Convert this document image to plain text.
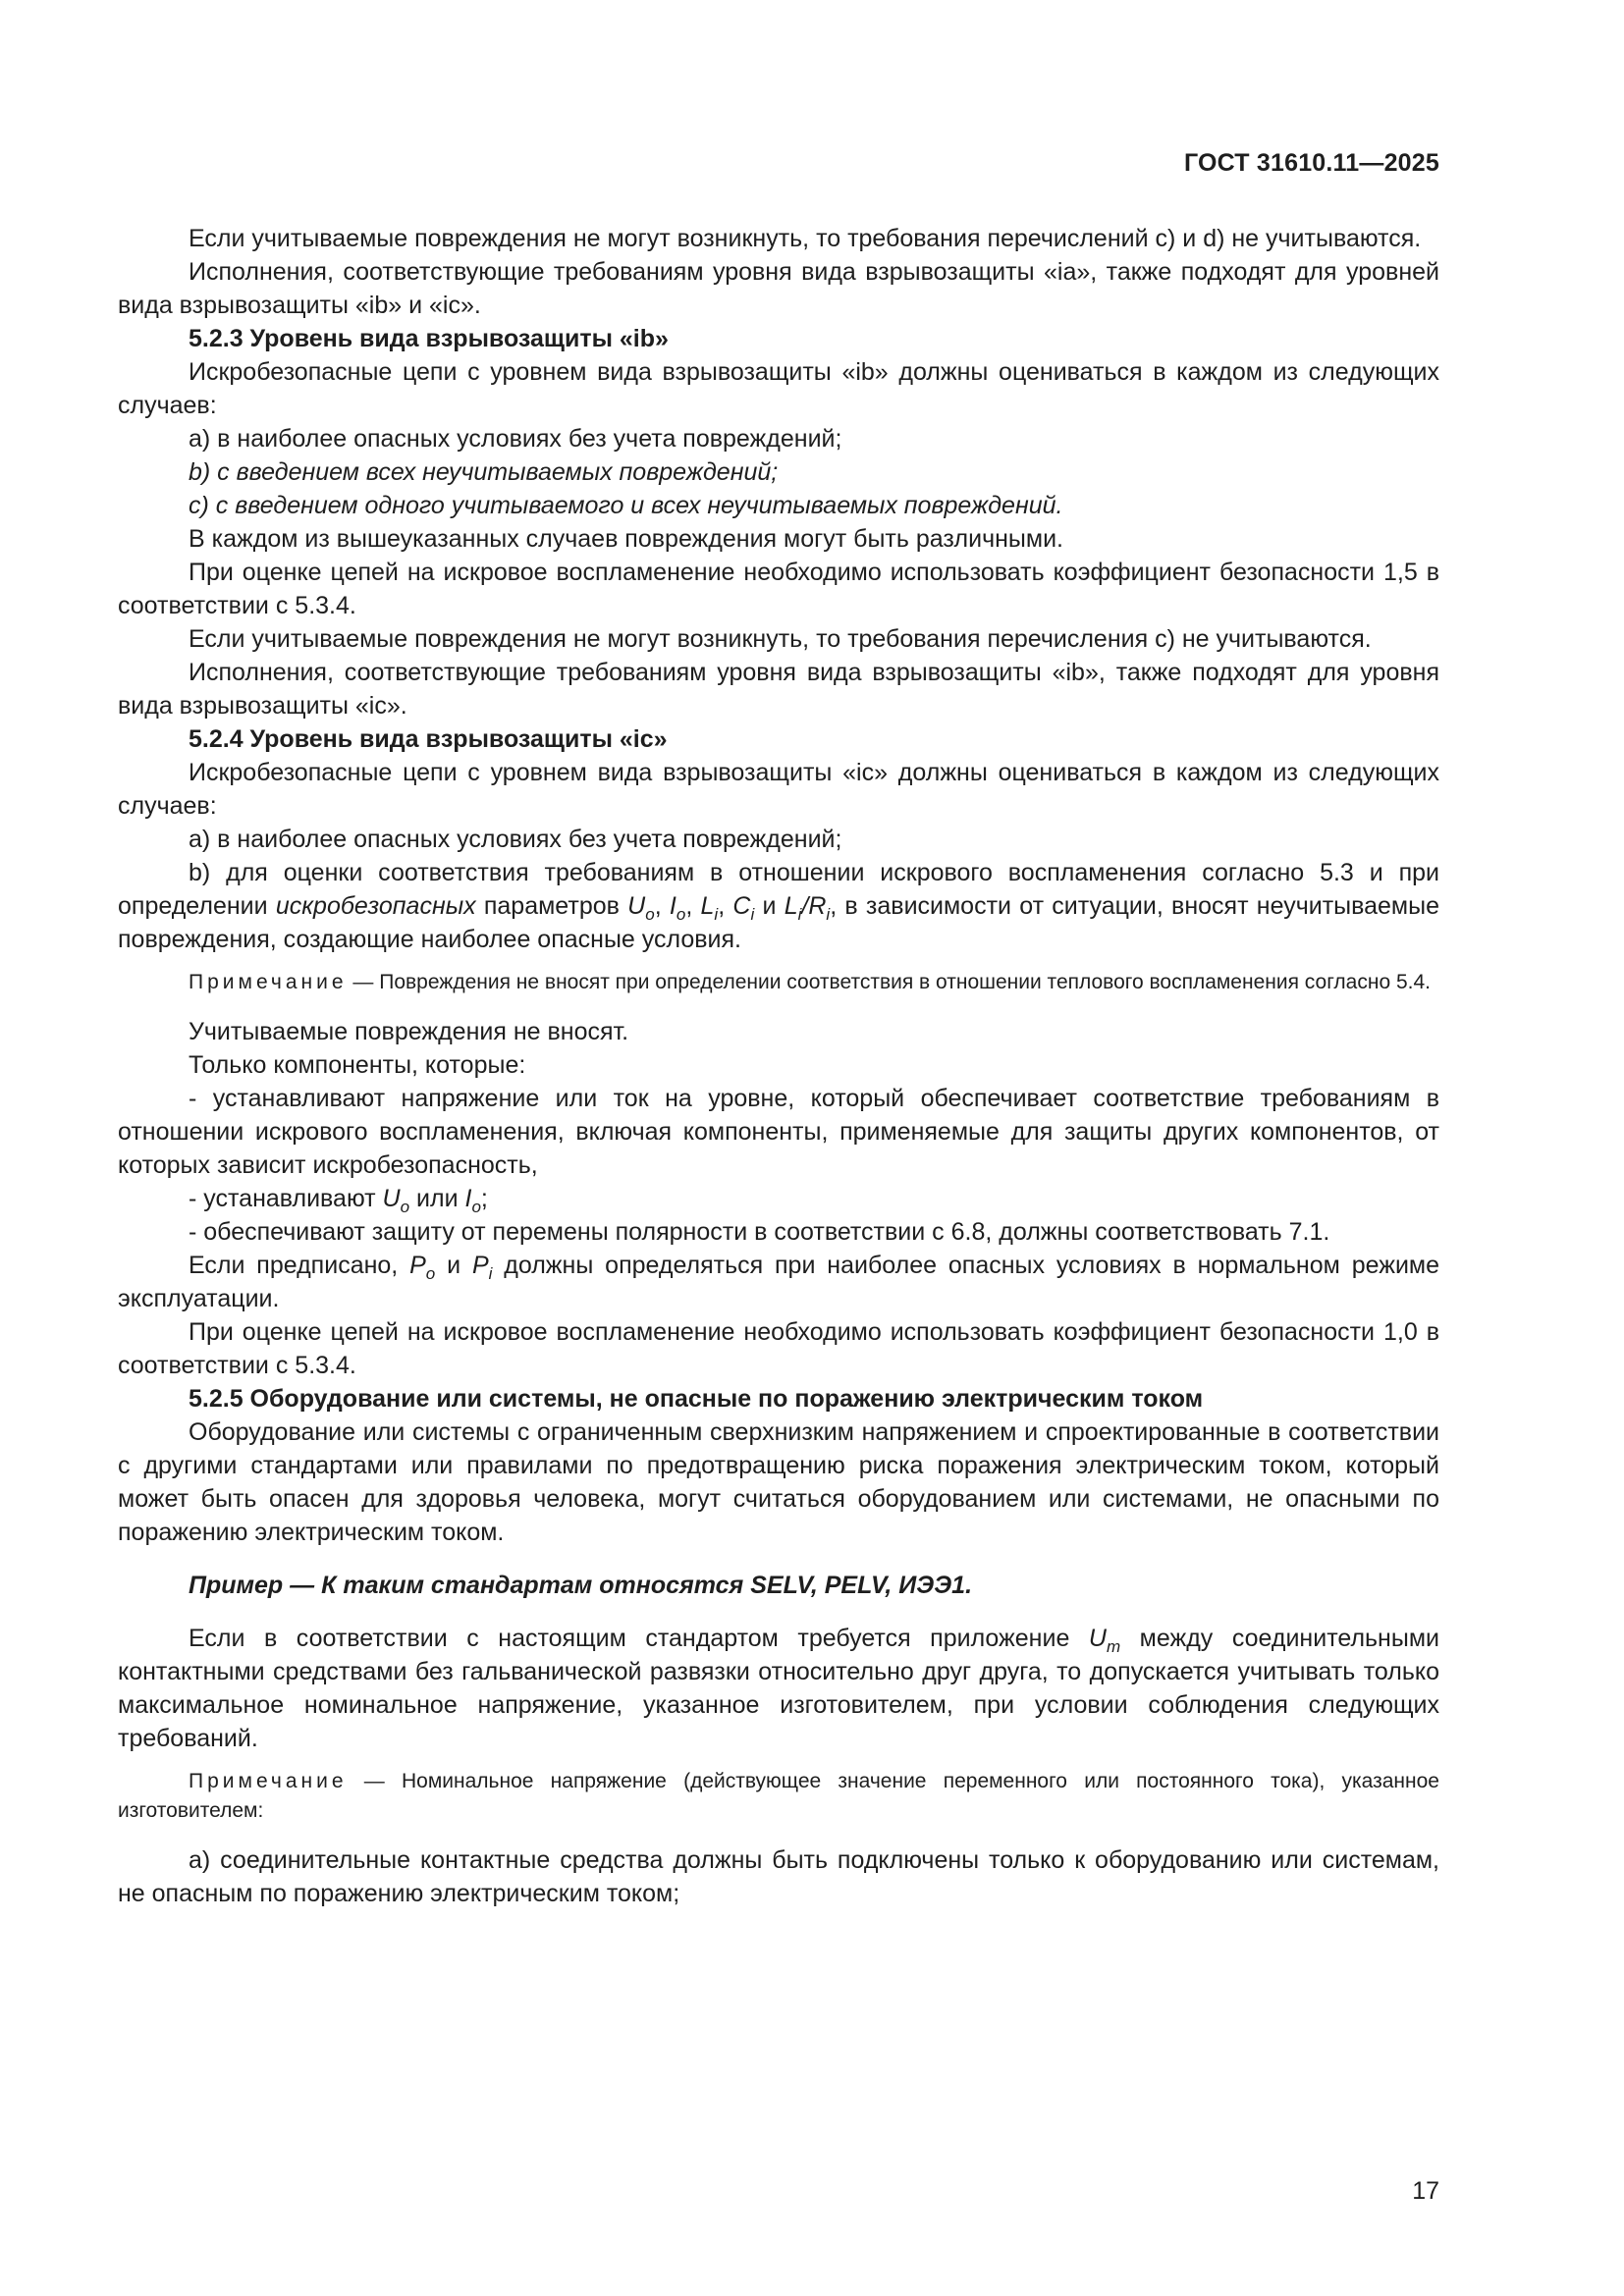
ГОСТ 31610.11—2025

Если учитываемые повреждения не могут возникнуть, то требования перечислений c) и d) не учитываются.

Исполнения, соответствующие требованиям уровня вида взрывозащиты «ia», также подходят для уровней вида взрывозащиты «ib» и «ic».

5.2.3 Уровень вида взрывозащиты «ib»

Искробезопасные цепи с уровнем вида взрывозащиты «ib» должны оцениваться в каждом из следующих случаев:

a) в наиболее опасных условиях без учета повреждений;

b) с введением всех неучитываемых повреждений;

c) с введением одного учитываемого и всех неучитываемых повреждений.

В каждом из вышеуказанных случаев повреждения могут быть различными.

При оценке цепей на искровое воспламенение необходимо использовать коэффициент безопасности 1,5 в соответствии с 5.3.4.

Если учитываемые повреждения не могут возникнуть, то требования перечисления c) не учитываются.

Исполнения, соответствующие требованиям уровня вида взрывозащиты «ib», также подходят для уровня вида взрывозащиты «ic».

5.2.4 Уровень вида взрывозащиты «ic»

Искробезопасные цепи с уровнем вида взрывозащиты «ic» должны оцениваться в каждом из следующих случаев:

a) в наиболее опасных условиях без учета повреждений;

b) для оценки соответствия требованиям в отношении искрового воспламенения согласно 5.3 и при определении искробезопасных параметров $U_o$, $I_o$, $L_i$, $C_i$ и $L_i/R_i$, в зависимости от ситуации, вносят неучитываемые повреждения, создающие наиболее опасные условия.

Примечание — Повреждения не вносят при определении соответствия в отношении теплового воспламенения согласно 5.4.

Учитываемые повреждения не вносят.

Только компоненты, которые:

- устанавливают напряжение или ток на уровне, который обеспечивает соответствие требованиям в отношении искрового воспламенения, включая компоненты, применяемые для защиты других компонентов, от которых зависит искробезопасность,

- устанавливают $U_o$ или $I_o$;

- обеспечивают защиту от перемены полярности в соответствии с 6.8, должны соответствовать 7.1.

Если предписано, $P_o$ и $P_i$ должны определяться при наиболее опасных условиях в нормальном режиме эксплуатации.

При оценке цепей на искровое воспламенение необходимо использовать коэффициент безопасности 1,0 в соответствии с 5.3.4.

5.2.5 Оборудование или системы, не опасные по поражению электрическим током

Оборудование или системы с ограниченным сверхнизким напряжением и спроектированные в соответствии с другими стандартами или правилами по предотвращению риска поражения электрическим током, который может быть опасен для здоровья человека, могут считаться оборудованием или системами, не опасными по поражению электрическим током.

Пример — К таким стандартам относятся SELV, PELV, ИЭЭ1.

Если в соответствии с настоящим стандартом требуется приложение $U_m$ между соединительными контактными средствами без гальванической развязки относительно друг друга, то допускается учитывать только максимальное номинальное напряжение, указанное изготовителем, при условии соблюдения следующих требований.

Примечание — Номинальное напряжение (действующее значение переменного или постоянного тока), указанное изготовителем:

a) соединительные контактные средства должны быть подключены только к оборудованию или системам, не опасным по поражению электрическим током;

17
